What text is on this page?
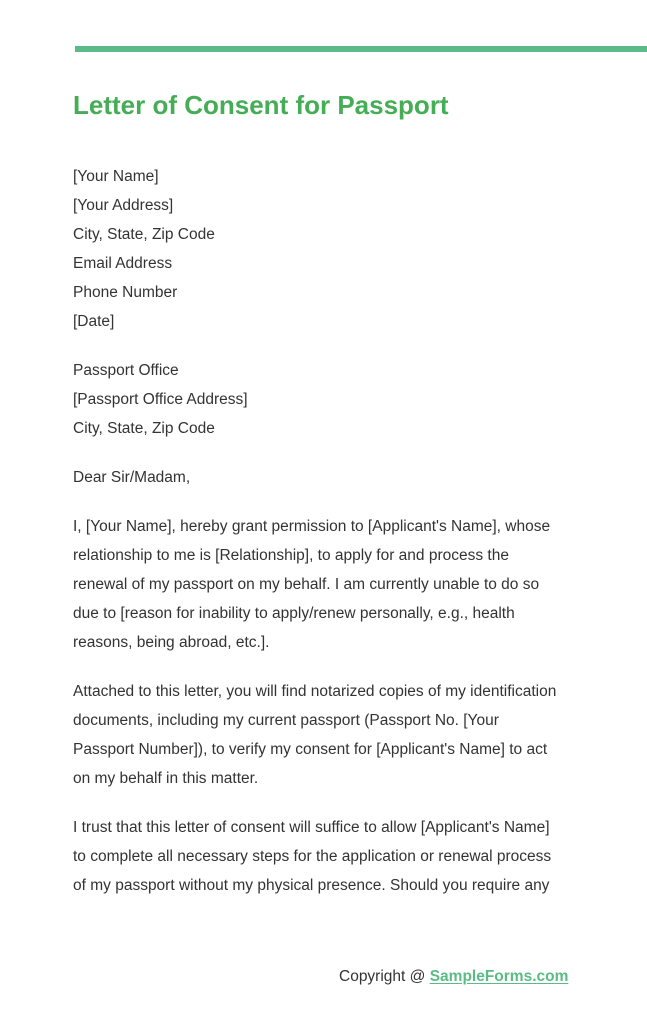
Letter of Consent for Passport
[Your Name]
[Your Address]
City, State, Zip Code
Email Address
Phone Number
[Date]
Passport Office
[Passport Office Address]
City, State, Zip Code
Dear Sir/Madam,
I, [Your Name], hereby grant permission to [Applicant's Name], whose
relationship to me is [Relationship], to apply for and process the
renewal of my passport on my behalf. I am currently unable to do so
due to [reason for inability to apply/renew personally, e.g., health
reasons, being abroad, etc.].
Attached to this letter, you will find notarized copies of my identification
documents, including my current passport (Passport No. [Your
Passport Number]), to verify my consent for [Applicant's Name] to act
on my behalf in this matter.
I trust that this letter of consent will suffice to allow [Applicant's Name]
to complete all necessary steps for the application or renewal process
of my passport without my physical presence. Should you require any
Copyright @ SampleForms.com
